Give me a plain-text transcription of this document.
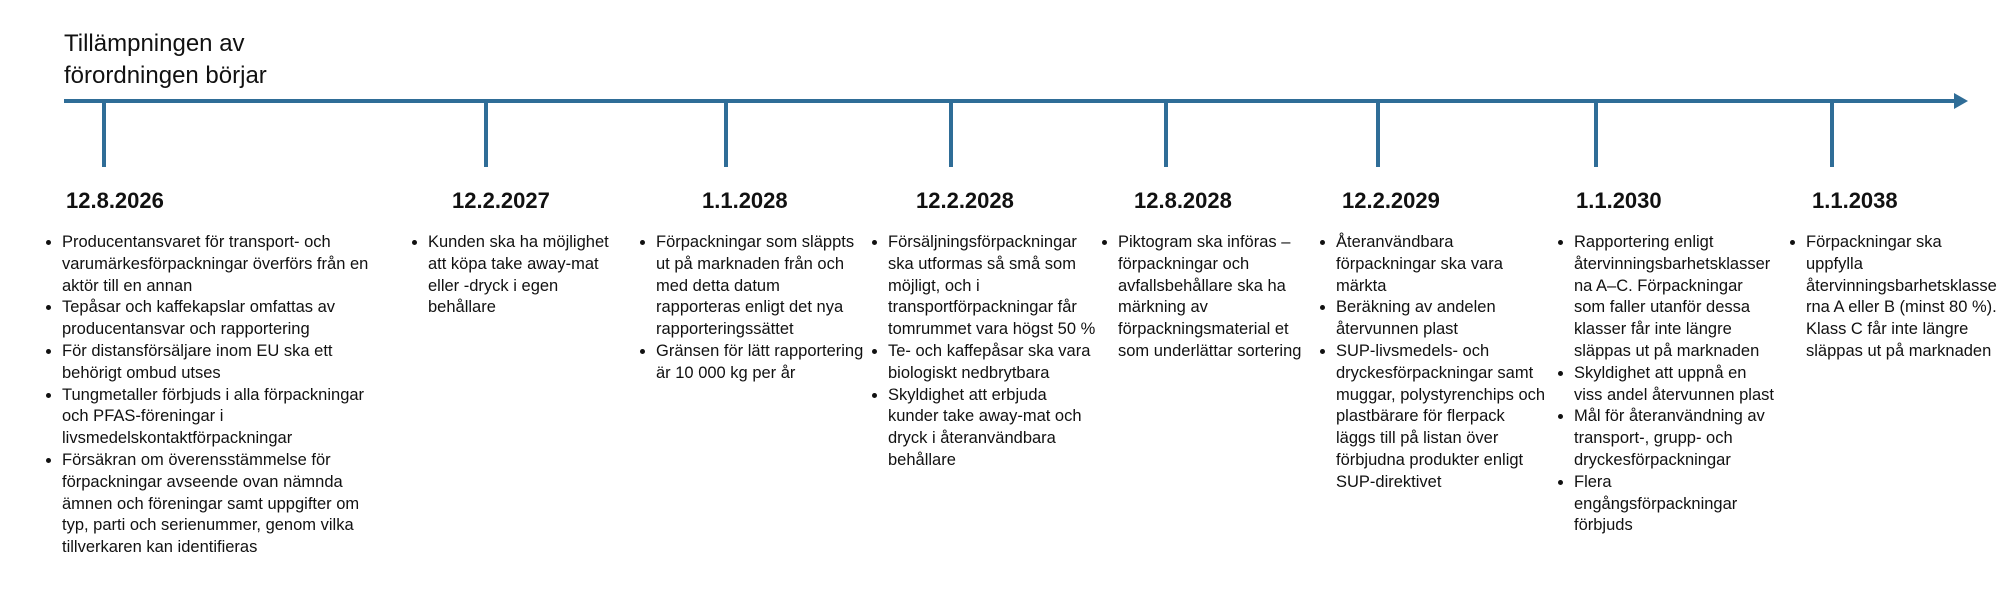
Tillämpningen av förordningen börjar
12.8.2026
• Producentansvaret för transport- och varumärkesförpackningar överförs från en aktör till en annan
• Tepåsar och kaffekapslar omfattas av producentansvar och rapportering
• För distansförsäljare inom EU ska ett behörigt ombud utses
• Tungmetaller förbjuds i alla förpackningar och PFAS-föreningar i livsmedelskontaktförpackningar
• Försäkran om överensstämmelse för förpackningar avseende ovan nämnda ämnen och föreningar samt uppgifter om typ, parti och serienummer, genom vilka tillverkaren kan identifieras
12.2.2027
• Kunden ska ha möjlighet att köpa take away-mat eller -dryck i egen behållare
1.1.2028
• Förpackningar som släppts ut på marknaden från och med detta datum rapporteras enligt det nya rapporteringssättet
• Gränsen för lätt rapportering är 10 000 kg per år
12.2.2028
• Försäljningsförpackningar ska utformas så små som möjligt, och i transportförpackningar får tomrummet vara högst 50 %
• Te- och kaffepåsar ska vara biologiskt nedbrytbara
• Skyldighet att erbjuda kunder take away-mat och dryck i återanvändbara behållare
12.8.2028
• Piktogram ska införas – förpackningar och avfallsbehållare ska ha märkning av förpackningsmaterial et som underlättar sortering
12.2.2029
• Återanvändbara förpackningar ska vara märkta
• Beräkning av andelen återvunnen plast
• SUP-livsmedels- och dryckesförpackningar samt muggar, polystyrenchips och plastbärare för flerpack läggs till på listan över förbjudna produkter enligt SUP-direktivet
1.1.2030
• Rapportering enligt återvinningsbarhetsklasserna A–C. Förpackningar som faller utanför dessa klasser får inte längre släppas ut på marknaden
• Skyldighet att uppnå en viss andel återvunnen plast
• Mål för återanvändning av transport-, grupp- och dryckesförpackningar
• Flera engångsförpackningar förbjuds
1.1.2038
• Förpackningar ska uppfylla återvinningsbarhetsklasserna A eller B (minst 80 %). Klass C får inte längre släppas ut på marknaden
